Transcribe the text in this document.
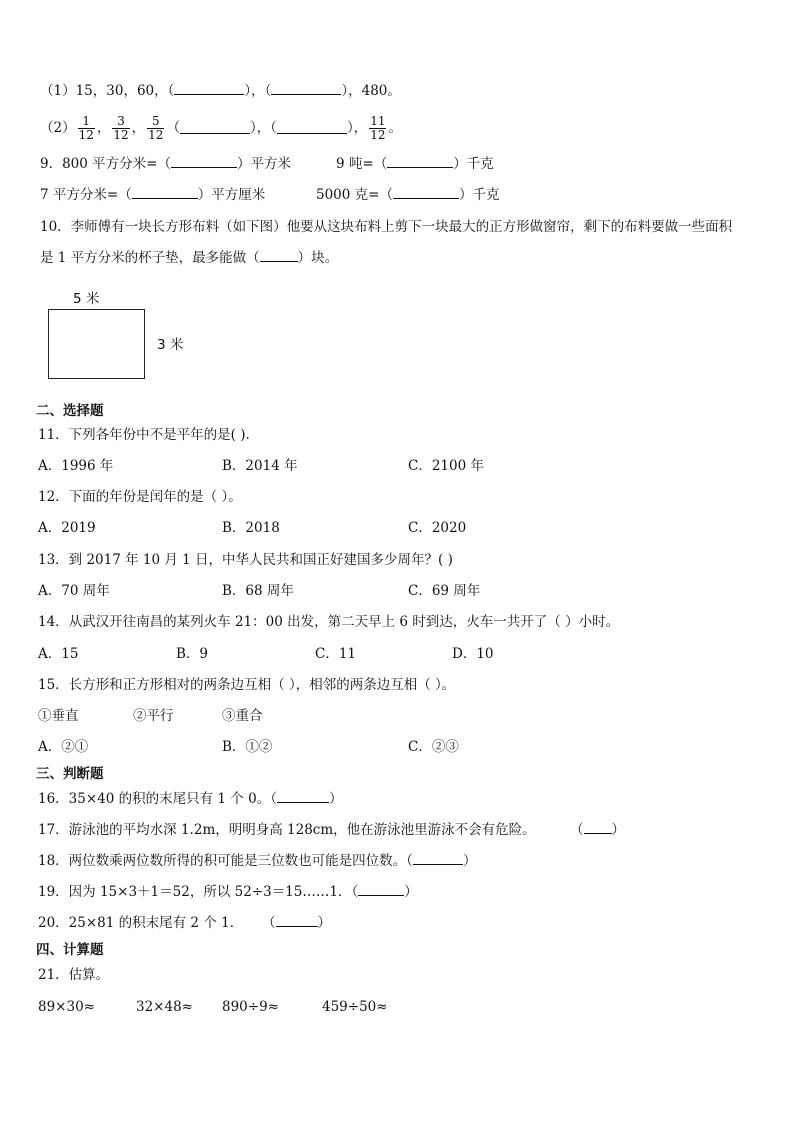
（1）15，30，60，（	），（	），480。
$(2) \frac{1}{12}$ ， $\frac{3}{12}$ ， $\frac{5}{12}$ （	），（	）， $\frac{11}{12}$ 。
9．800 平方分米=（	）平方米	9 吨=（	）千克
7 平方分米=（	）平方厘米	5000 克=（	）千克
10．李师傅有一块长方形布料（如下图）他要从这块布料上剪下一块最大的正方形做窗帘，剩下的布料要做一些面积
是 1 平方分米的杯子垫，最多能做（	）块。
5 米
3 米
二、选择题
11．下列各年份中不是平年的是( ).
A．1996 年	B．2014 年	C．2100 年
12．下面的年份是闰年的是（ ）。
A．2019	B．2018	C．2020
13．到 2017 年 10 月 1 日，中华人民共和国正好建国多少周年？( )
A．70 周年	B．68 周年	C．69 周年
14．从武汉开往南昌的某列火车 21：00 出发，第二天早上 6 时到达，火车一共开了（ ）小时。
A．15	B．9	C．11	D．10
15．长方形和正方形相对的两条边互相（ ），相邻的两条边互相（ ）。
①垂直	②平行	③重合
A．②①	B．①②	C．②③
三、判断题
16．35×40 的积的末尾只有 1 个 0。（	）
17．游泳池的平均水深 1.2m，明明身高 128cm，他在游泳池里游泳不会有危险。	（ ）
18．两位数乘两位数所得的积可能是三位数也可能是四位数。（	）
19．因为 15×3＋1＝52，所以 52÷3＝15……1．（	）
20．25×81 的积末尾有 2 个 1． （	）
四、计算题
21．估算。
89×30≈	32×48≈ 890÷9≈	459÷50≈
